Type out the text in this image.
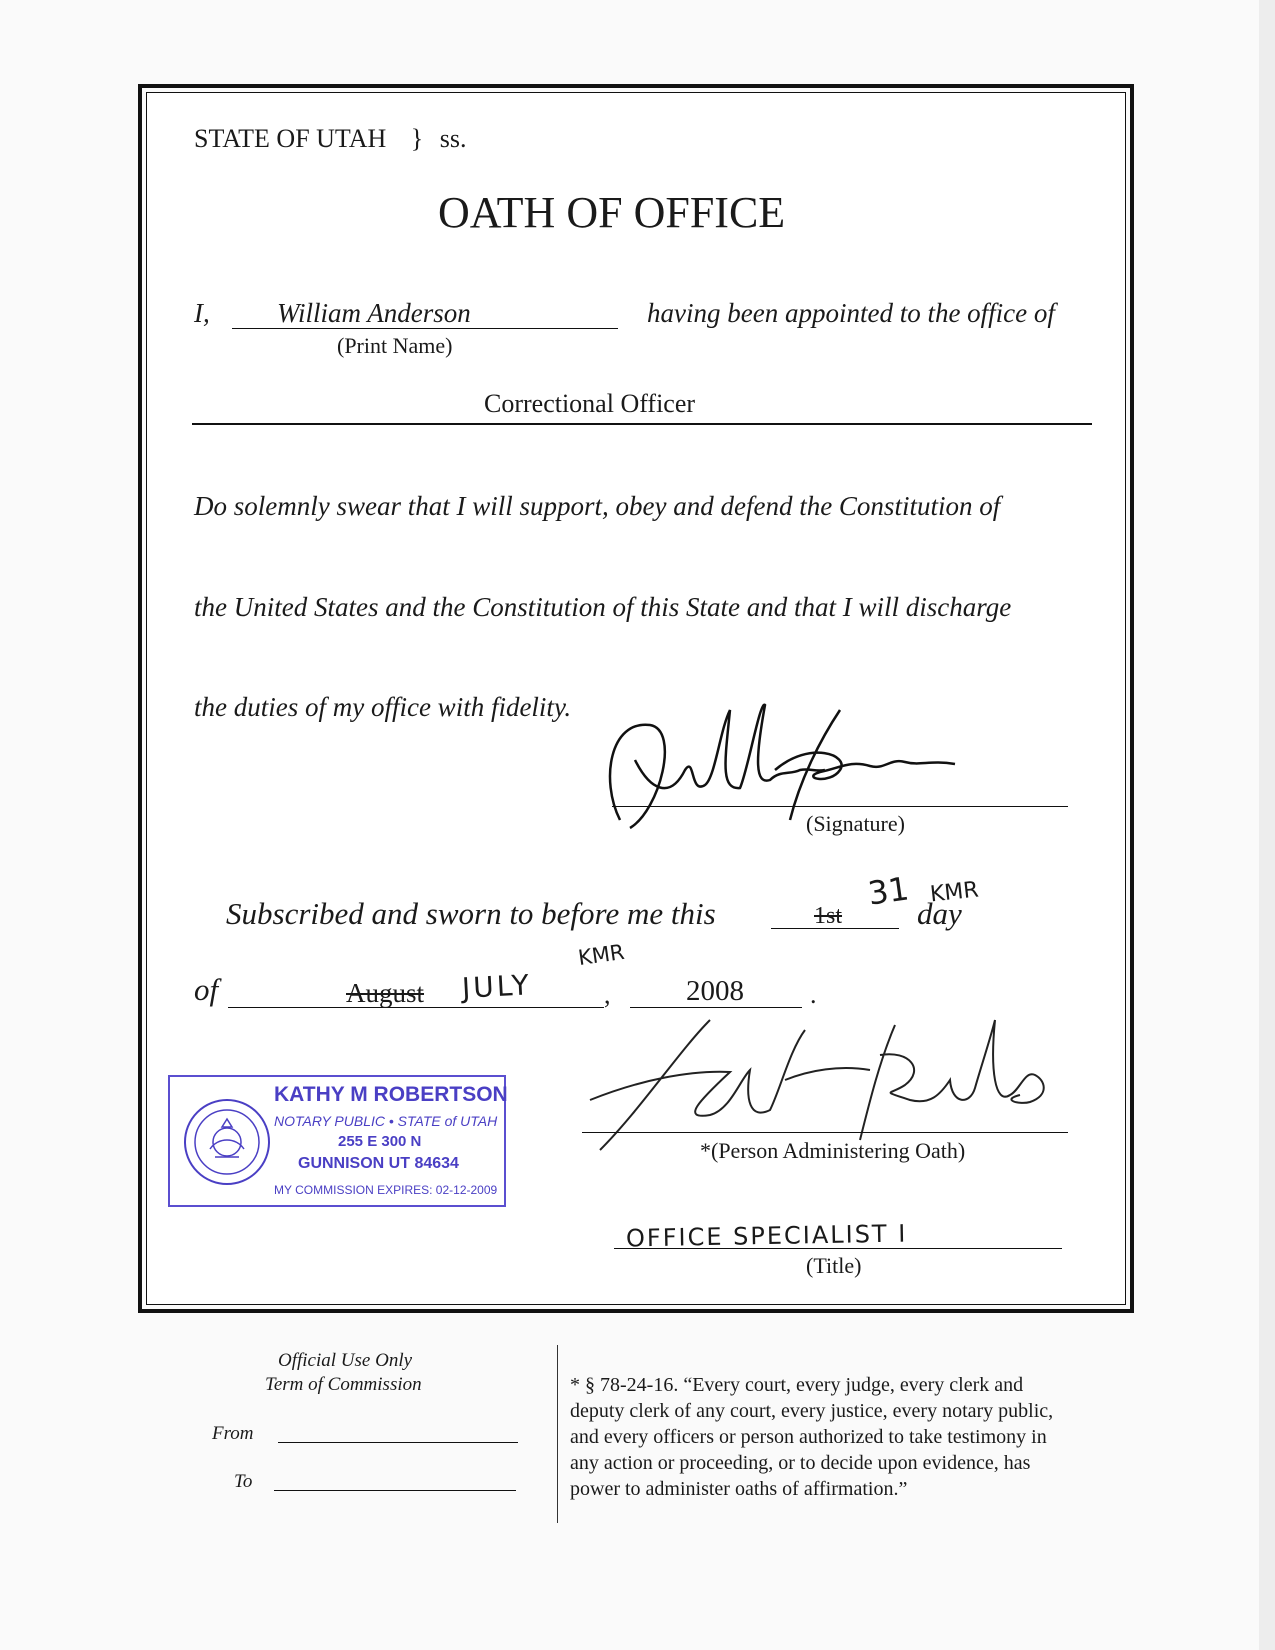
STATE OF UTAH } ss.
OATH OF OFFICE
I, William Anderson	having been appointed to the office of
(Print Name)
Correctional Officer
Do solemnly swear that I will support, obey and defend the Constitution of
the United States and the Constitution of this State and that I will discharge
the duties of my office with fidelity.
(Signature)
Subscribed and sworn to before me this	1st
31 KMR
day
of	August JULY
KMR
,	2008	.
KATHY M ROBERTSON
NOTARY PUBLIC • STATE of UTAH
255 E 300 N
GUNNISON UT 84634
MY COMMISSION EXPIRES: 02-12-2009
*(Person Administering Oath)
OFFICE SPECIALIST I
(Title)
Official Use Only
Term of Commission
From
To
* § 78-24-16. “Every court, every judge, every clerk and
deputy clerk of any court, every justice, every notary public,
and every officers or person authorized to take testimony in
any action or proceeding, or to decide upon evidence, has
power to administer oaths of affirmation.”
